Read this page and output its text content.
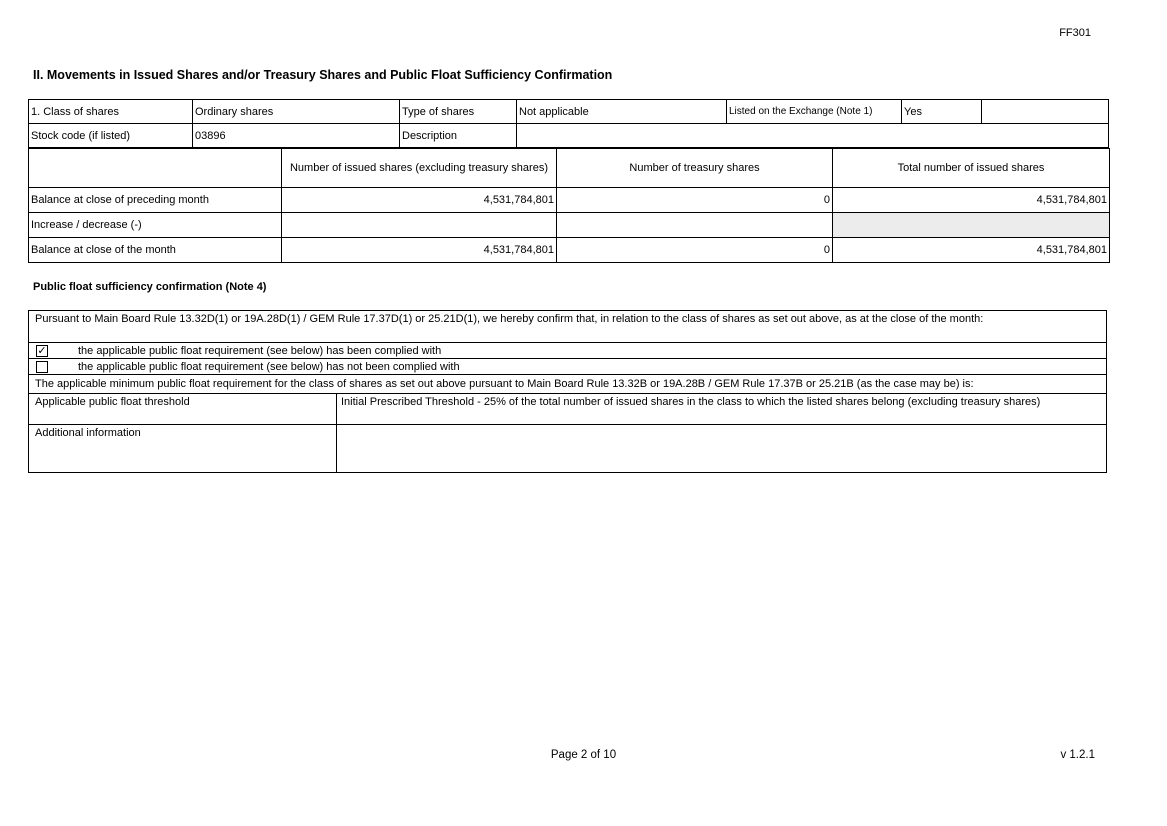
FF301
II. Movements in Issued Shares and/or Treasury Shares and Public Float Sufficiency Confirmation
1. Class of shares	Ordinary shares	Type of shares	Not applicable	Listed on the Exchange (Note 1)	Yes	
Stock code (if listed)	03896	Description				
	Number of issued shares (excluding treasury shares)	Number of treasury shares	Total number of issued shares
Balance at close of preceding month	4,531,784,801	0	4,531,784,801
Increase / decrease (-)			
Balance at close of the month	4,531,784,801	0	4,531,784,801
Public float sufficiency confirmation (Note 4)
Pursuant to Main Board Rule 13.32D(1) or 19A.28D(1) / GEM Rule 17.37D(1) or 25.21D(1), we hereby confirm that, in relation to the class of shares as set out above, as at the close of the month:
✓	the applicable public float requirement (see below) has been complied with
the applicable public float requirement (see below) has not been complied with
The applicable minimum public float requirement for the class of shares as set out above pursuant to Main Board Rule 13.32B or 19A.28B / GEM Rule 17.37B or 25.21B (as the case may be) is:
Applicable public float threshold	Initial Prescribed Threshold - 25% of the total number of issued shares in the class to which the listed shares belong (excluding treasury shares)
Additional information
Page 2 of 10	v 1.2.1
